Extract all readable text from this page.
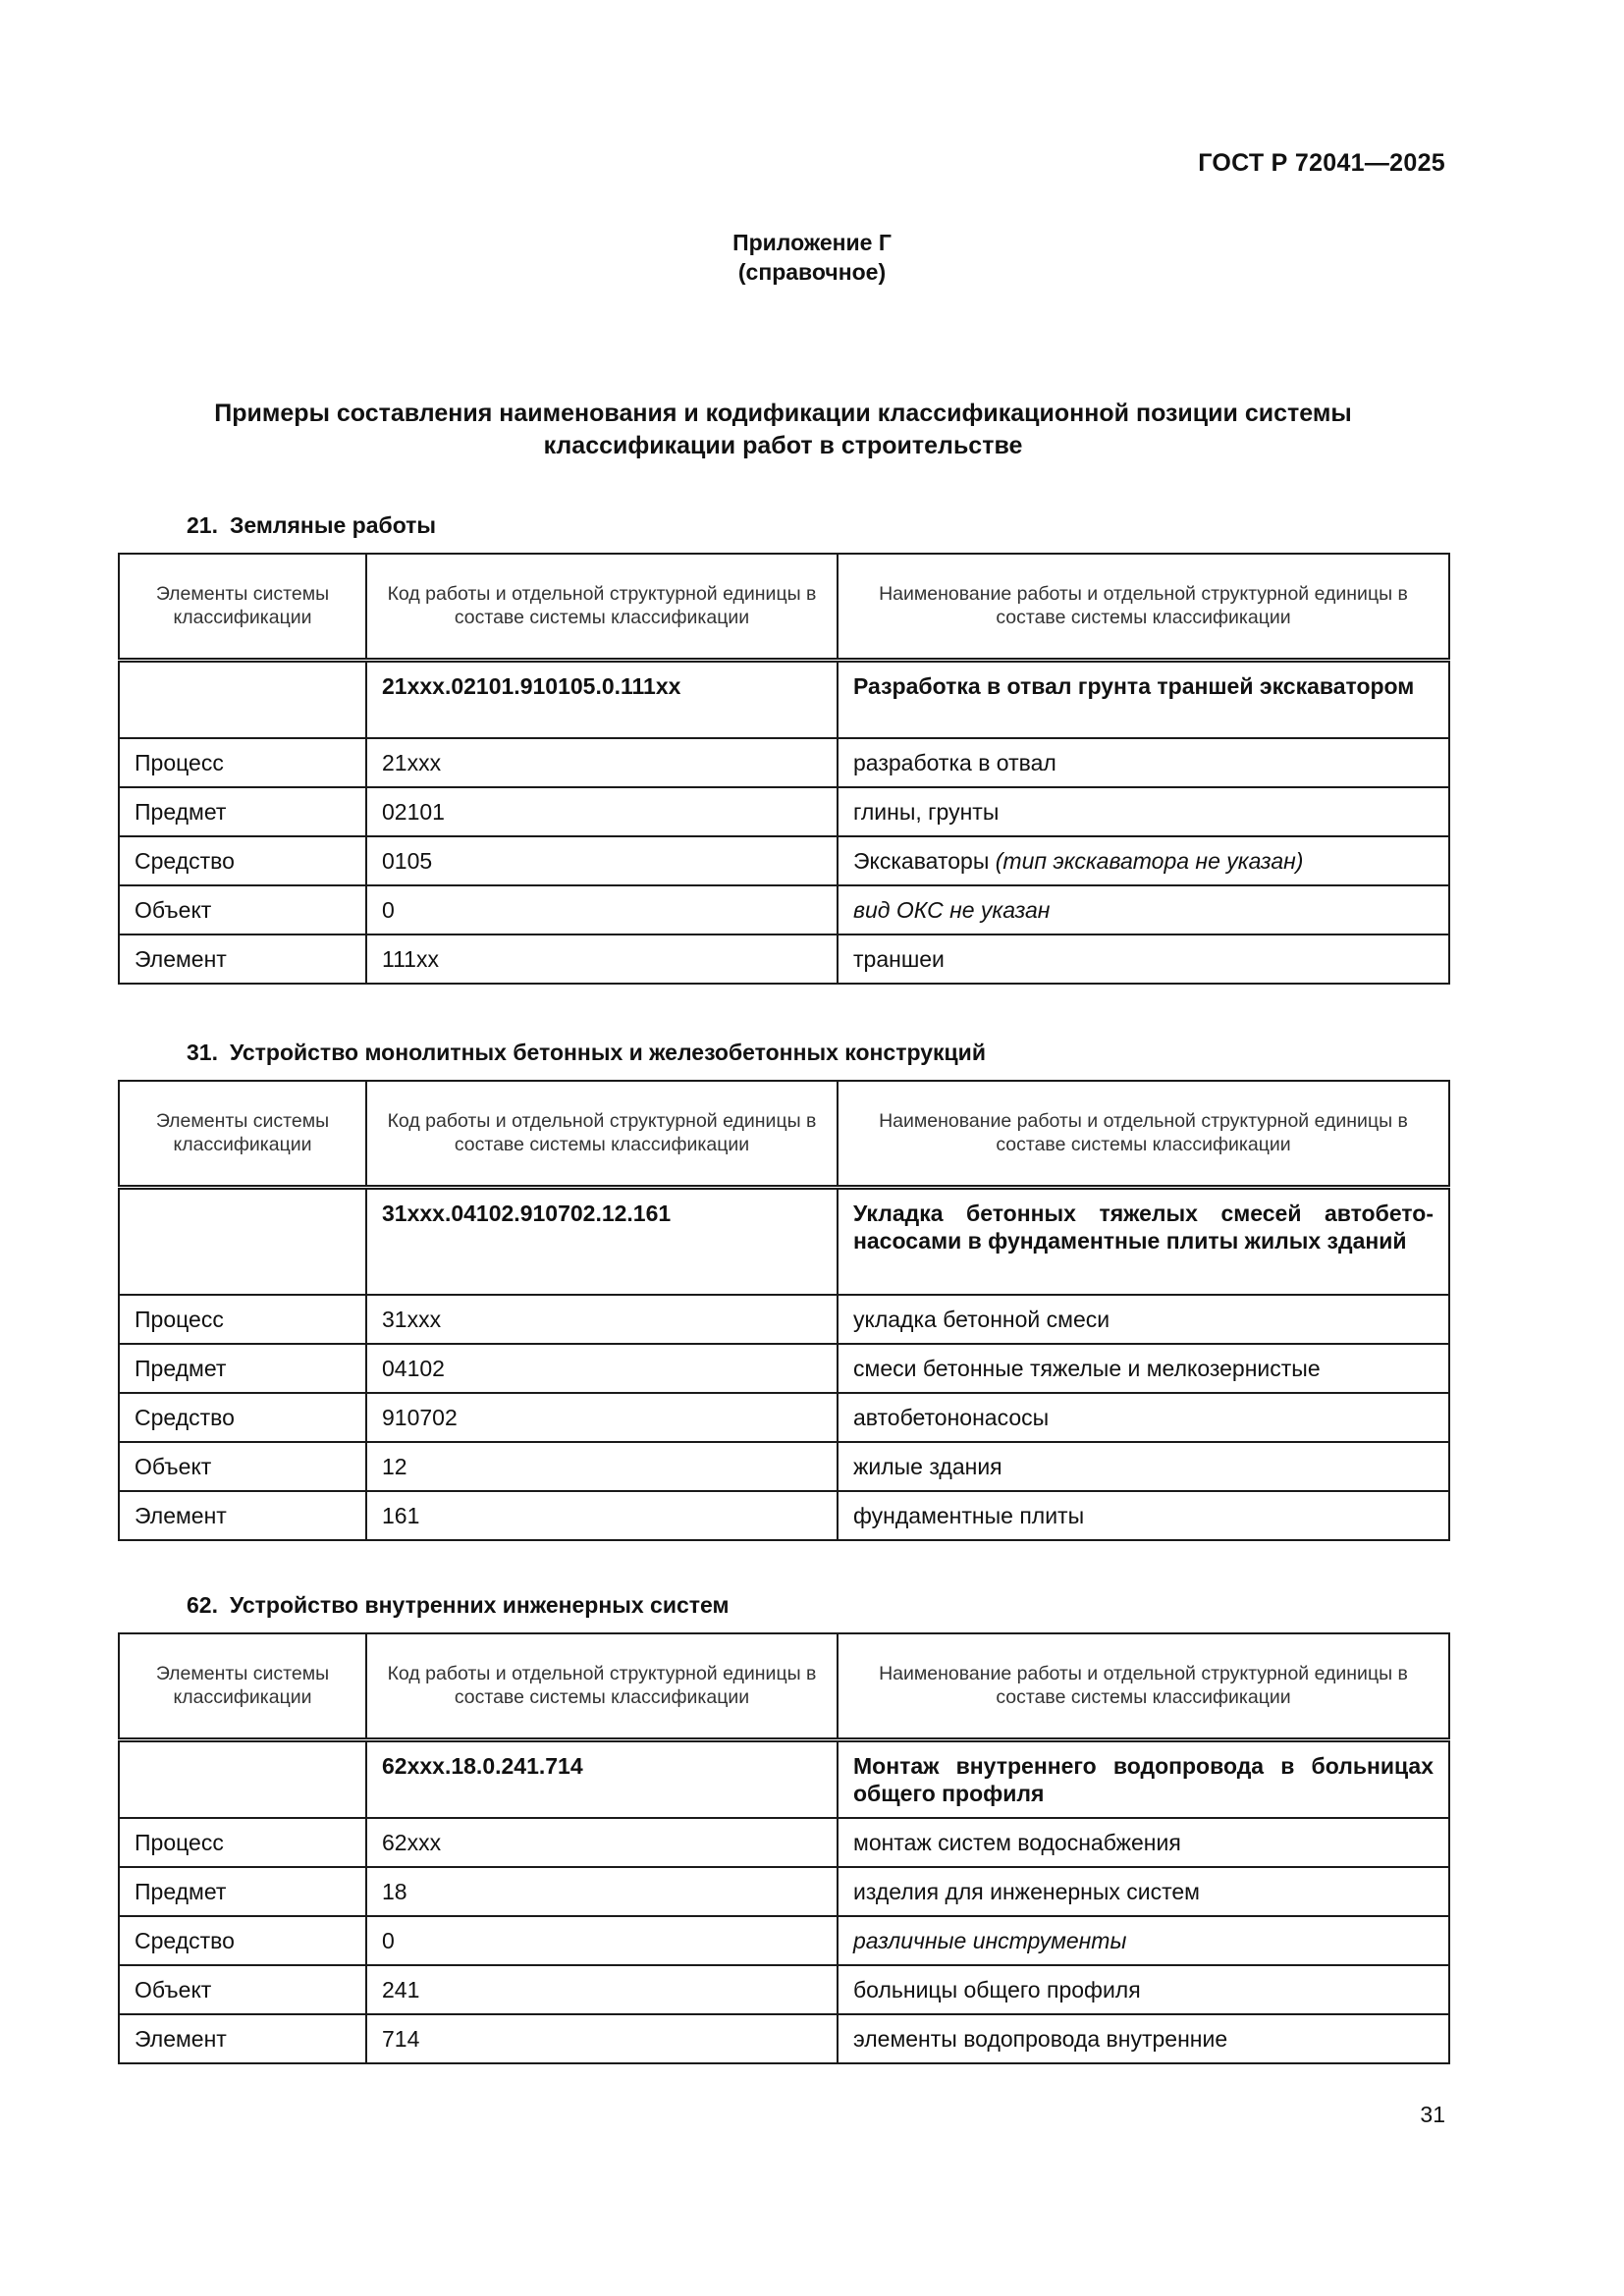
ГОСТ Р 72041—2025
Приложение Г
(справочное)
Примеры составления наименования и кодификации классификационной позиции системы
классификации работ в строительстве
21. Земляные работы
Элементы системы классификации	Код работы и отдельной структурной единицы в составе системы классификации	Наименование работы и отдельной структурной единицы в составе системы классификации
	21xxx.02101.910105.0.111xx	Разработка в отвал грунта траншей экскаватором
Процесс	21xxx	разработка в отвал
Предмет	02101	глины, грунты
Средство	0105	Экскаваторы (тип экскаватора не указан)
Объект	0	вид ОКС не указан
Элемент	111xx	траншеи
31. Устройство монолитных бетонных и железобетонных конструкций
Элементы системы классификации	Код работы и отдельной структурной единицы в составе системы классификации	Наименование работы и отдельной структурной единицы в составе системы классификации
	31xxx.04102.910702.12.161	Укладка бетонных тяжелых смесей автобетонасосами в фундаментные плиты жилых зданий
Процесс	31xxx	укладка бетонной смеси
Предмет	04102	смеси бетонные тяжелые и мелкозернистые
Средство	910702	автобетононасосы
Объект	12	жилые здания
Элемент	161	фундаментные плиты
62. Устройство внутренних инженерных систем
Элементы системы классификации	Код работы и отдельной структурной единицы в составе системы классификации	Наименование работы и отдельной структурной единицы в составе системы классификации
	62xxx.18.0.241.714	Монтаж внутреннего водопровода в больницах общего профиля
Процесс	62xxx	монтаж систем водоснабжения
Предмет	18	изделия для инженерных систем
Средство	0	различные инструменты
Объект	241	больницы общего профиля
Элемент	714	элементы водопровода внутренние
31
